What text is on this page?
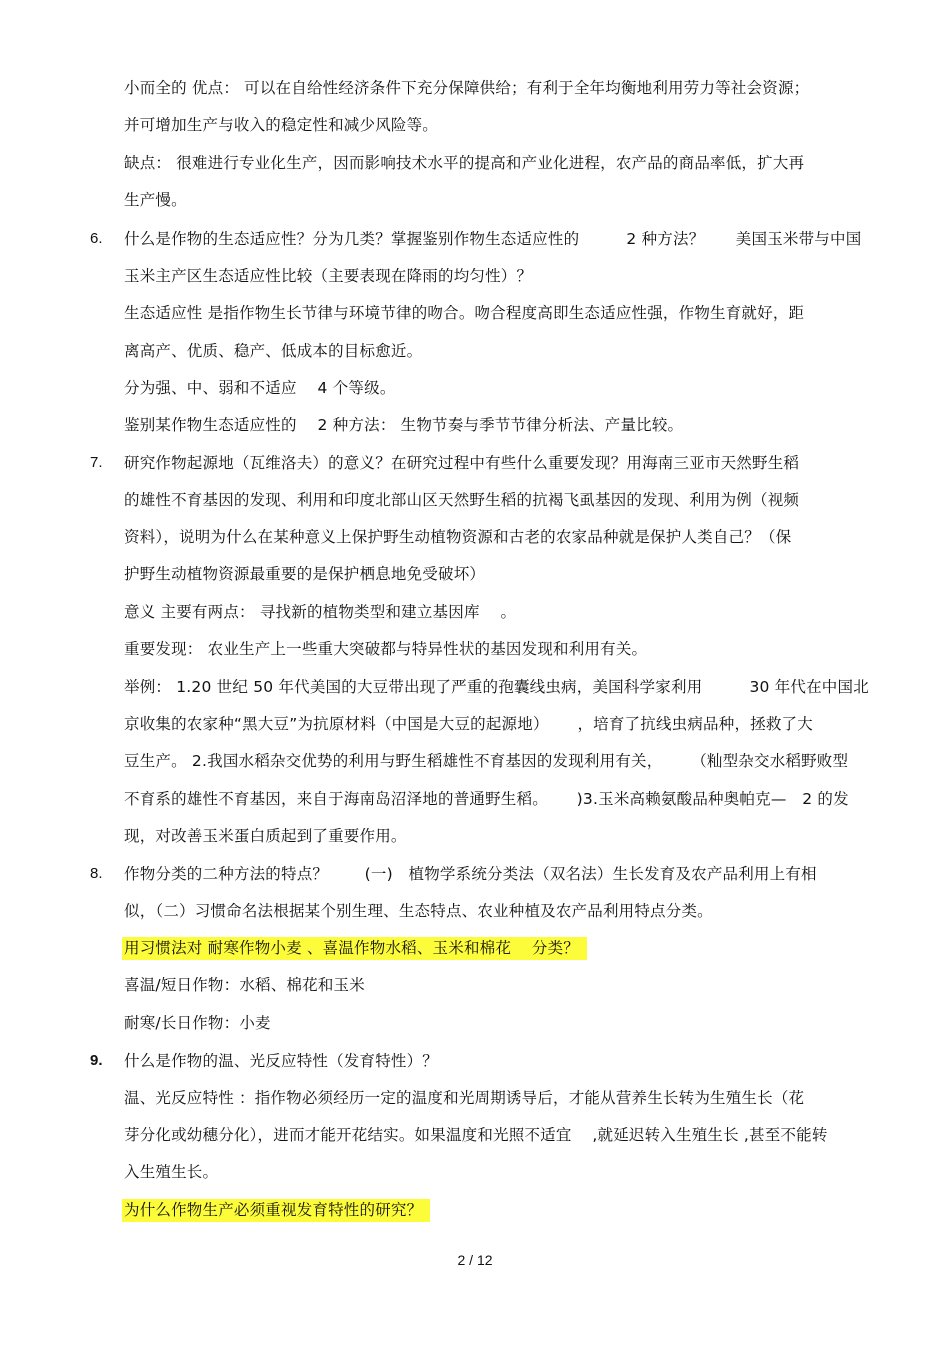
小而全的 优点： 可以在自给性经济条件下充分保障供给；有利于全年均衡地利用劳力等社会资源；
并可增加生产与收入的稳定性和减少风险等。
缺点： 很难进行专业化生产，因而影响技术水平的提高和产业化进程，农产品的商品率低，扩大再
生产慢。
6. 什么是作物的生态适应性？分为几类？掌握鉴别作物生态适应性的　　　2 种方法？　　美国玉米带与中国
玉米主产区生态适应性比较（主要表现在降雨的均匀性）？
生态适应性 是指作物生长节律与环境节律的吻合。吻合程度高即生态适应性强，作物生育就好，距
离高产、优质、稳产、低成本的目标愈近。
分为强、中、弱和不适应　 4 个等级。
鉴别某作物生态适应性的　 2 种方法： 生物节奏与季节节律分析法、产量比较。
7. 研究作物起源地（瓦维洛夫）的意义？在研究过程中有些什么重要发现？用海南三亚市天然野生稻
的雄性不育基因的发现、利用和印度北部山区天然野生稻的抗褐飞虱基因的发现、利用为例（视频
资料），说明为什么在某种意义上保护野生动植物资源和古老的农家品种就是保护人类自己？（保
护野生动植物资源最重要的是保护栖息地免受破坏）
意义 主要有两点： 寻找新的植物类型和建立基因库　 。
重要发现： 农业生产上一些重大突破都与特异性状的基因发现和利用有关。
举例： 1.20 世纪 50 年代美国的大豆带出现了严重的孢囊线虫病，美国科学家利用　　　30 年代在中国北
京收集的农家种“黑大豆”为抗原材料（中国是大豆的起源地）　　 ，培育了抗线虫病品种，拯救了大
豆生产。 2.我国水稻杂交优势的利用与野生稻雄性不育基因的发现利用有关，　　 （籼型杂交水稻野败型
不育系的雄性不育基因，来自于海南岛沼泽地的普通野生稻。　　 )3.玉米高赖氨酸品种奥帕克—　2 的发
现，对改善玉米蛋白质起到了重要作用。
8. 作物分类的二种方法的特点？　　 (一)　植物学系统分类法（双名法）生长发育及农产品利用上有相
似，（二）习惯命名法根据某个别生理、生态特点、农业种植及农产品利用特点分类。
用习惯法对 耐寒作物小麦 、喜温作物水稻、玉米和棉花　 分类？
喜温/短日作物：水稻、棉花和玉米
耐寒/长日作物：小麦
9. 什么是作物的温、光反应特性（发育特性）？
温、光反应特性 ：指作物必须经历一定的温度和光周期诱导后，才能从营养生长转为生殖生长（花
芽分化或幼穗分化），进而才能开花结实。如果温度和光照不适宜　 ,就延迟转入生殖生长 ,甚至不能转
入生殖生长。
为什么作物生产必须重视发育特性的研究？
2 / 12
